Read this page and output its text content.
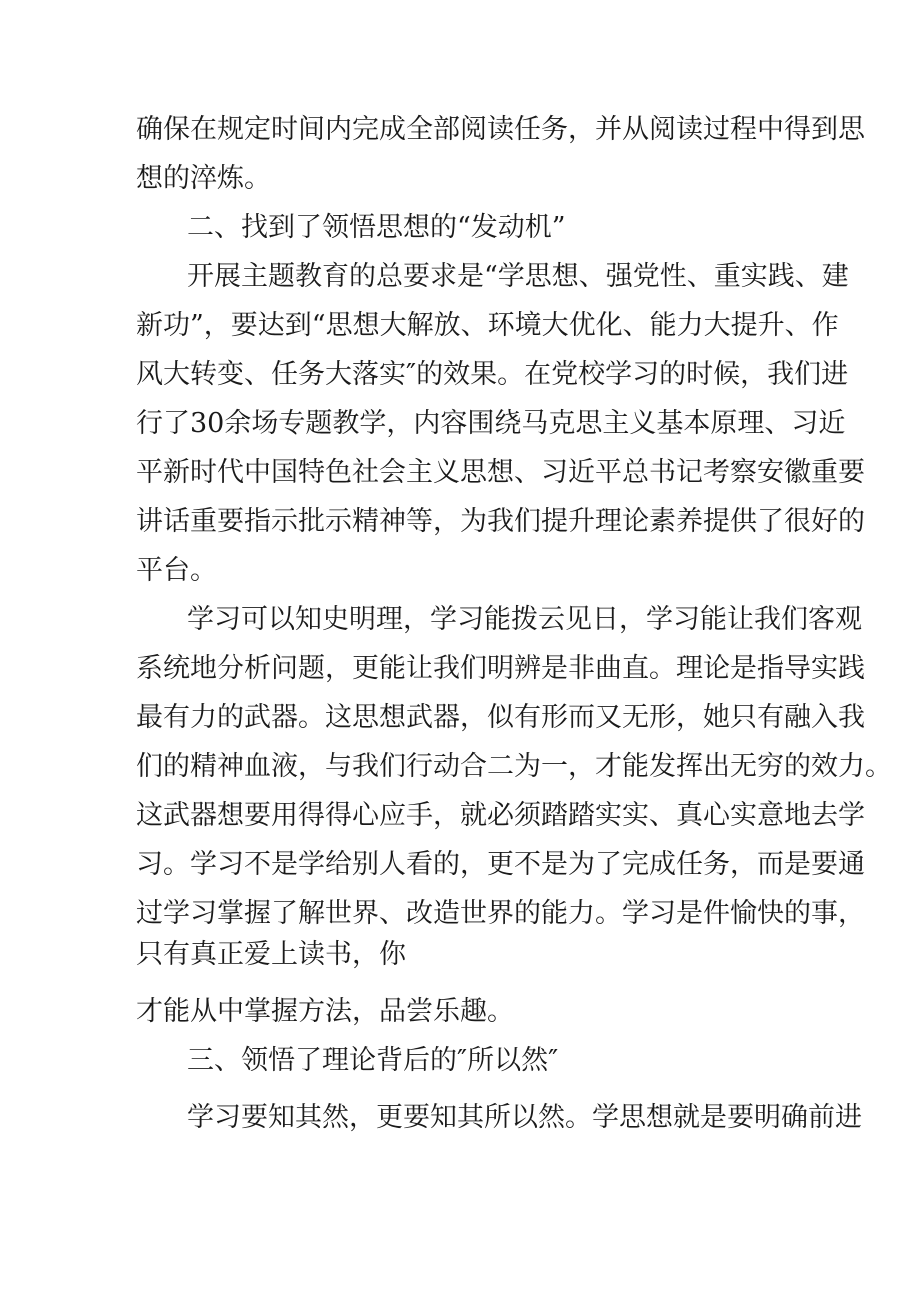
确保在规定时间内完成全部阅读任务，并从阅读过程中得到思
想的淬炼。
二、找到了领悟思想的“发动机”
开展主题教育的总要求是“学思想、强党性、重实践、建
新功”，要达到“思想大解放、环境大优化、能力大提升、作
风大转变、任务大落实″的效果。在党校学习的时候，我们进
行了30余场专题教学，内容围绕马克思主义基本原理、习近
平新时代中国特色社会主义思想、习近平总书记考察安徽重要
讲话重要指示批示精神等，为我们提升理论素养提供了很好的
平台。
学习可以知史明理，学习能拨云见日，学习能让我们客观
系统地分析问题，更能让我们明辨是非曲直。理论是指导实践
最有力的武器。这思想武器，似有形而又无形，她只有融入我
们的精神血液，与我们行动合二为一，才能发挥出无穷的效力。
这武器想要用得得心应手，就必须踏踏实实、真心实意地去学
习。学习不是学给别人看的，更不是为了完成任务，而是要通
过学习掌握了解世界、改造世界的能力。学习是件愉快的事，
只有真正爱上读书，你
才能从中掌握方法，品尝乐趣。
三、领悟了理论背后的″所以然″
学习要知其然，更要知其所以然。学思想就是要明确前进
